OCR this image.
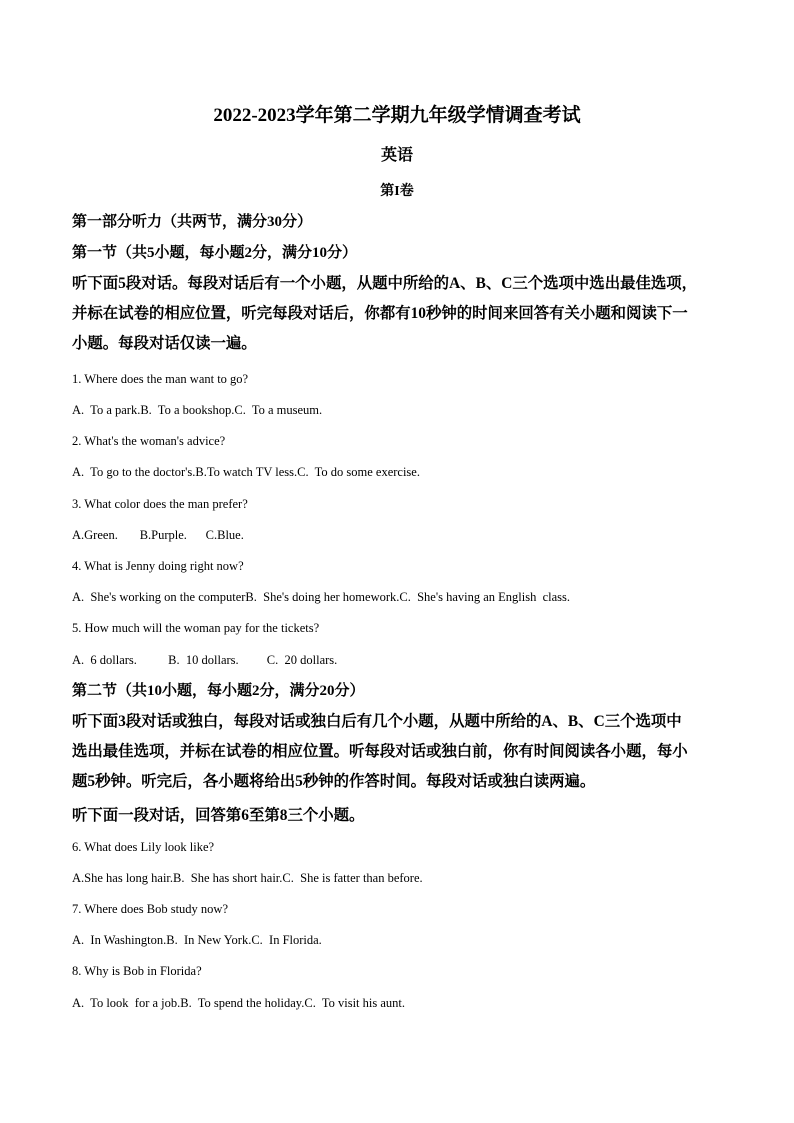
2022-2023学年第二学期九年级学情调查考试
英语
第I卷
第一部分听力（共两节，满分30分）
第一节（共5小题，每小题2分，满分10分）
听下面5段对话。每段对话后有一个小题，从题中所给的A、B、C三个选项中选出最佳选项，
并标在试卷的相应位置，听完每段对话后，你都有10秒钟的时间来回答有关小题和阅读下一
小题。每段对话仅读一遍。
1. Where does the man want to go?
A.  To a park.B.  To a bookshop.C.  To a museum.
2. What's the woman's advice?
A.  To go to the doctor's.B.To watch TV less.C.  To do some exercise.
3. What color does the man prefer?
A.Green.       B.Purple.      C.Blue.
4. What is Jenny doing right now?
A.  She's working on the computerB.  She's doing her homework.C.  She's having an English  class.
5. How much will the woman pay for the tickets?
A.  6 dollars.          B.  10 dollars.         C.  20 dollars.
第二节（共10小题，每小题2分，满分20分）
听下面3段对话或独白，每段对话或独白后有几个小题，从题中所给的A、B、C三个选项中
选出最佳选项，并标在试卷的相应位置。听每段对话或独白前，你有时间阅读各小题，每小
题5秒钟。听完后，各小题将给出5秒钟的作答时间。每段对话或独白读两遍。
听下面一段对话，回答第6至第8三个小题。
6. What does Lily look like?
A.She has long hair.B.  She has short hair.C.  She is fatter than before.
7. Where does Bob study now?
A.  In Washington.B.  In New York.C.  In Florida.
8. Why is Bob in Florida?
A.  To look  for a job.B.  To spend the holiday.C.  To visit his aunt.
